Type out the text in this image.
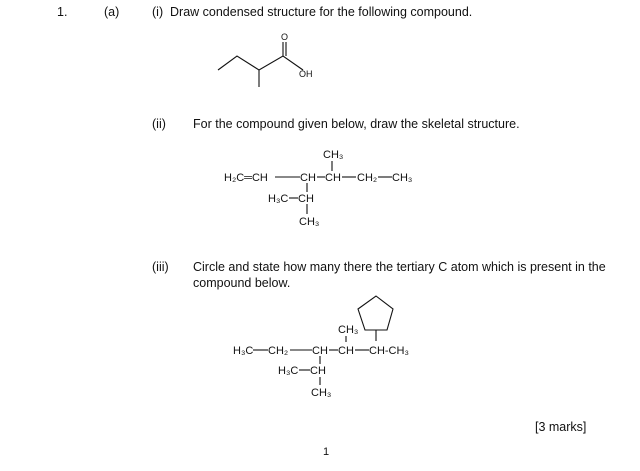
1.	(a)	(i) Draw condensed structure for the following compound.
O
OH
(ii) For the compound given below, draw the skeletal structure.
CH₃
H₂C═CH	CH CH CH₂ CH₃
H₃C CH
CH₃
(iii) Circle and state how many there the tertiary C atom which is present in the
compound below.
CH₃
H₃C CH₂ CH CH CH-CH₃
H₃C CH
CH₃
[3 marks]
1
